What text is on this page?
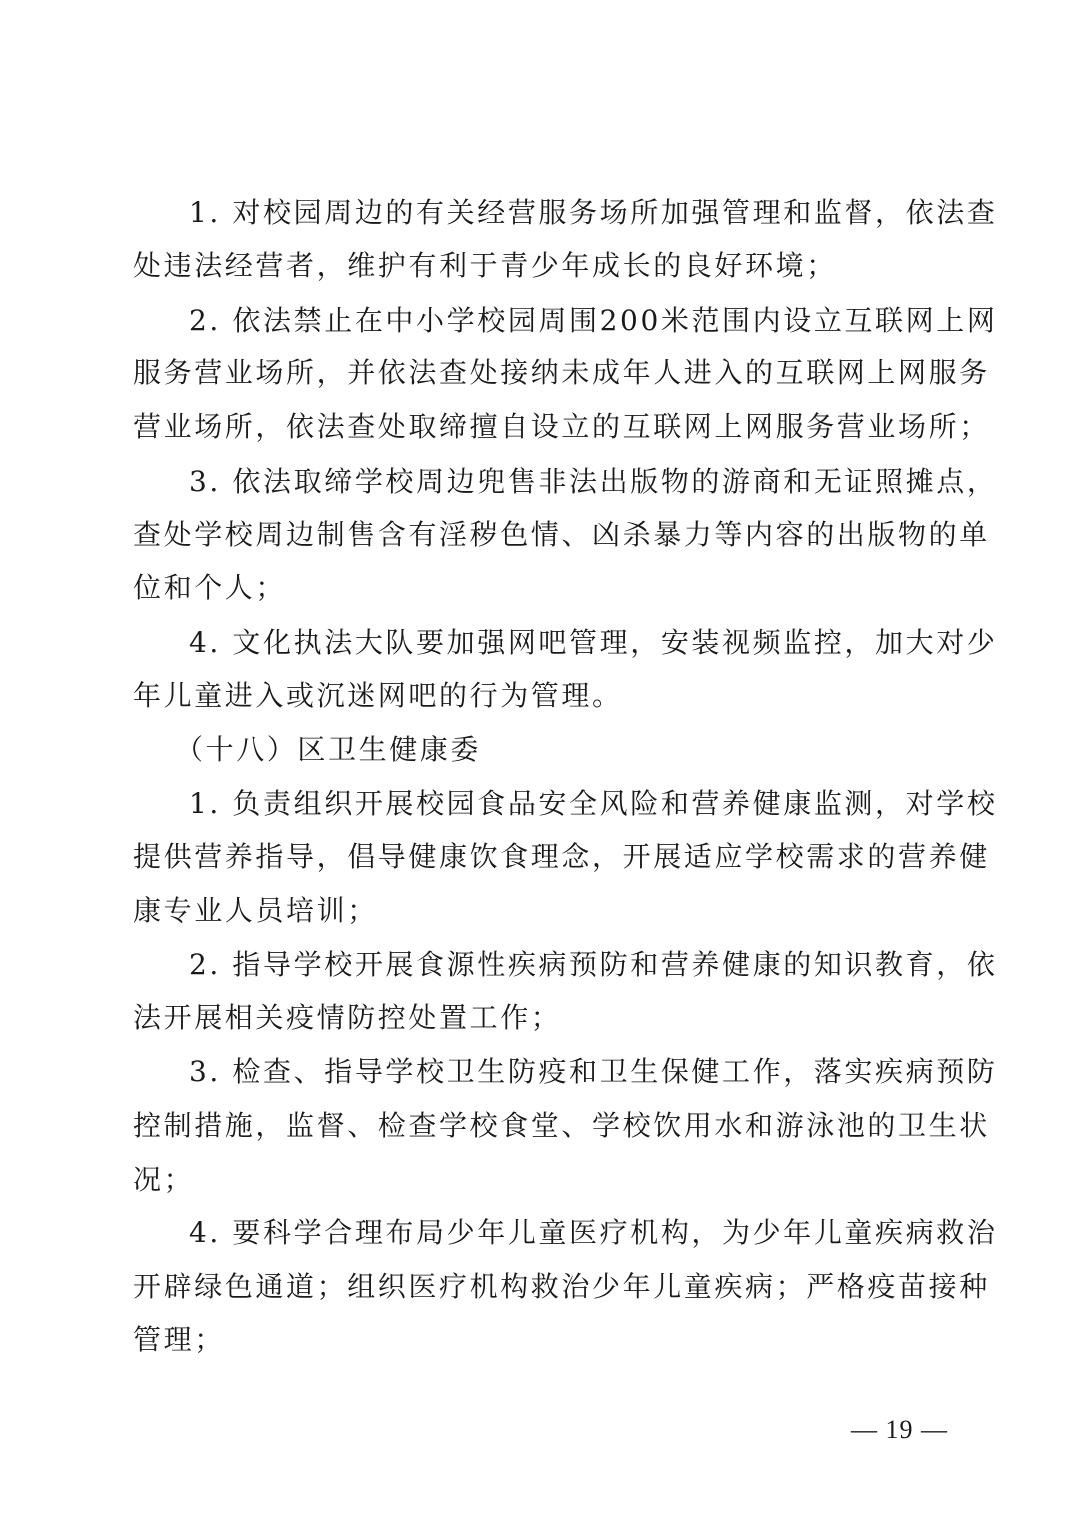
1. 对校园周边的有关经营服务场所加强管理和监督，依法查
处违法经营者，维护有利于青少年成长的良好环境；
2. 依法禁止在中小学校园周围200米范围内设立互联网上网
服务营业场所，并依法查处接纳未成年人进入的互联网上网服务
营业场所，依法查处取缔擅自设立的互联网上网服务营业场所；
3. 依法取缔学校周边兜售非法出版物的游商和无证照摊点，
查处学校周边制售含有淫秽色情、凶杀暴力等内容的出版物的单
位和个人；
4. 文化执法大队要加强网吧管理，安装视频监控，加大对少
年儿童进入或沉迷网吧的行为管理。
（十八）区卫生健康委
1. 负责组织开展校园食品安全风险和营养健康监测，对学校
提供营养指导，倡导健康饮食理念，开展适应学校需求的营养健
康专业人员培训；
2. 指导学校开展食源性疾病预防和营养健康的知识教育，依
法开展相关疫情防控处置工作；
3. 检查、指导学校卫生防疫和卫生保健工作，落实疾病预防
控制措施，监督、检查学校食堂、学校饮用水和游泳池的卫生状
况；
4. 要科学合理布局少年儿童医疗机构，为少年儿童疾病救治
开辟绿色通道；组织医疗机构救治少年儿童疾病；严格疫苗接种
管理；
— 19 —
